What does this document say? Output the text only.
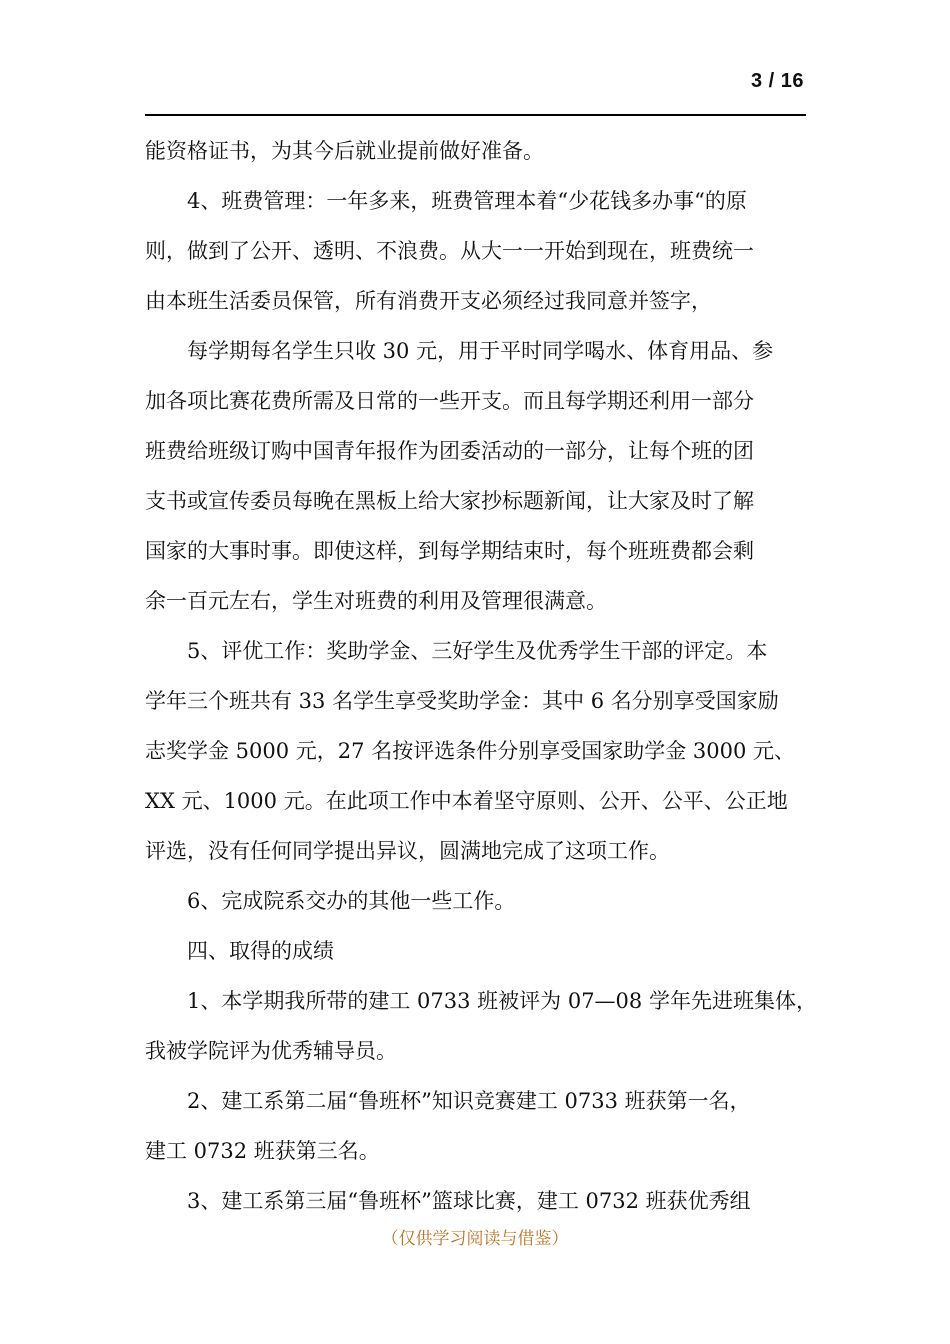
3 / 16
能资格证书，为其今后就业提前做好准备。
4、班费管理：一年多来，班费管理本着“少花钱多办事“的原
则，做到了公开、透明、不浪费。从大一一开始到现在，班费统一
由本班生活委员保管，所有消费开支必须经过我同意并签字，
每学期每名学生只收 30 元，用于平时同学喝水、体育用品、参
加各项比赛花费所需及日常的一些开支。而且每学期还利用一部分
班费给班级订购中国青年报作为团委活动的一部分，让每个班的团
支书或宣传委员每晚在黑板上给大家抄标题新闻，让大家及时了解
国家的大事时事。即使这样，到每学期结束时，每个班班费都会剩
余一百元左右，学生对班费的利用及管理很满意。
5、评优工作：奖助学金、三好学生及优秀学生干部的评定。本
学年三个班共有 33 名学生享受奖助学金：其中 6 名分别享受国家励
志奖学金 5000 元，27 名按评选条件分别享受国家助学金 3000 元、
XX 元、1000 元。在此项工作中本着坚守原则、公开、公平、公正地
评选，没有任何同学提出异议，圆满地完成了这项工作。
6、完成院系交办的其他一些工作。
四、取得的成绩
1、本学期我所带的建工 0733 班被评为 07—08 学年先进班集体，
我被学院评为优秀辅导员。
2、建工系第二届“鲁班杯”知识竞赛建工 0733 班获第一名，
建工 0732 班获第三名。
3、建工系第三届“鲁班杯”篮球比赛，建工 0732 班获优秀组
（仅供学习阅读与借鉴）
